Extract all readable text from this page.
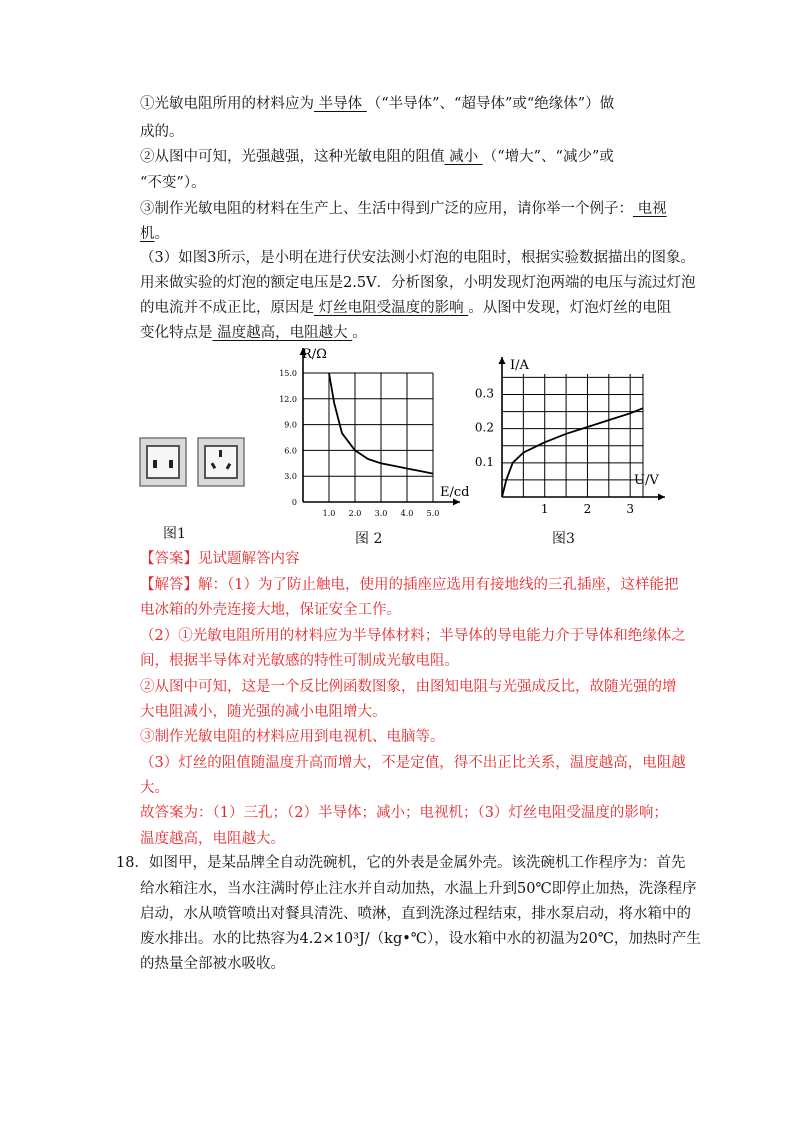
①光敏电阻所用的材料应为 半导体 （“半导体”、“超导体”或“绝缘体”）做
成的。
②从图中可知，光强越强，这种光敏电阻的阻值 减小 （“增大”、“减少”或
“不变”）。
③制作光敏电阻的材料在生产上、生活中得到广泛的应用，请你举一个例子： 电视
机。
（3）如图3所示，是小明在进行伏安法测小灯泡的电阻时，根据实验数据描出的图象。
用来做实验的灯泡的额定电压是2.5V．分析图象，小明发现灯泡两端的电压与流过灯泡
的电流并不成正比，原因是 灯丝电阻受温度的影响 。从图中发现，灯泡灯丝的电阻
变化特点是 温度越高，电阻越大 。
图1
1.0 2.0 3.0 4.0 5.0
0
3.0
6.0
9.0
12.0
15.0
R/Ω
E/cd
图 2
1	2	3
0.1
0.2
0.3
I/A
U/V
图3
【答案】见试题解答内容
【解答】解：（1）为了防止触电，使用的插座应选用有接地线的三孔插座，这样能把
电冰箱的外壳连接大地，保证安全工作。
（2）①光敏电阻所用的材料应为半导体材料；半导体的导电能力介于导体和绝缘体之
间，根据半导体对光敏感的特性可制成光敏电阻。
②从图中可知，这是一个反比例函数图象，由图知电阻与光强成反比，故随光强的增
大电阻减小，随光强的减小电阻增大。
③制作光敏电阻的材料应用到电视机、电脑等。
（3）灯丝的阻值随温度升高而增大，不是定值，得不出正比关系，温度越高，电阻越
大。
故答案为：（1）三孔；（2）半导体；减小；电视机；（3）灯丝电阻受温度的影响；
温度越高，电阻越大。
18．如图甲，是某品牌全自动洗碗机，它的外表是金属外壳。该洗碗机工作程序为：首先
给水箱注水，当水注满时停止注水并自动加热，水温上升到50℃即停止加热，洗涤程序
启动，水从喷管喷出对餐具清洗、喷淋，直到洗涤过程结束，排水泵启动，将水箱中的
废水排出。水的比热容为4.2×10³J/（kg•℃），设水箱中水的初温为20℃，加热时产生
的热量全部被水吸收。
